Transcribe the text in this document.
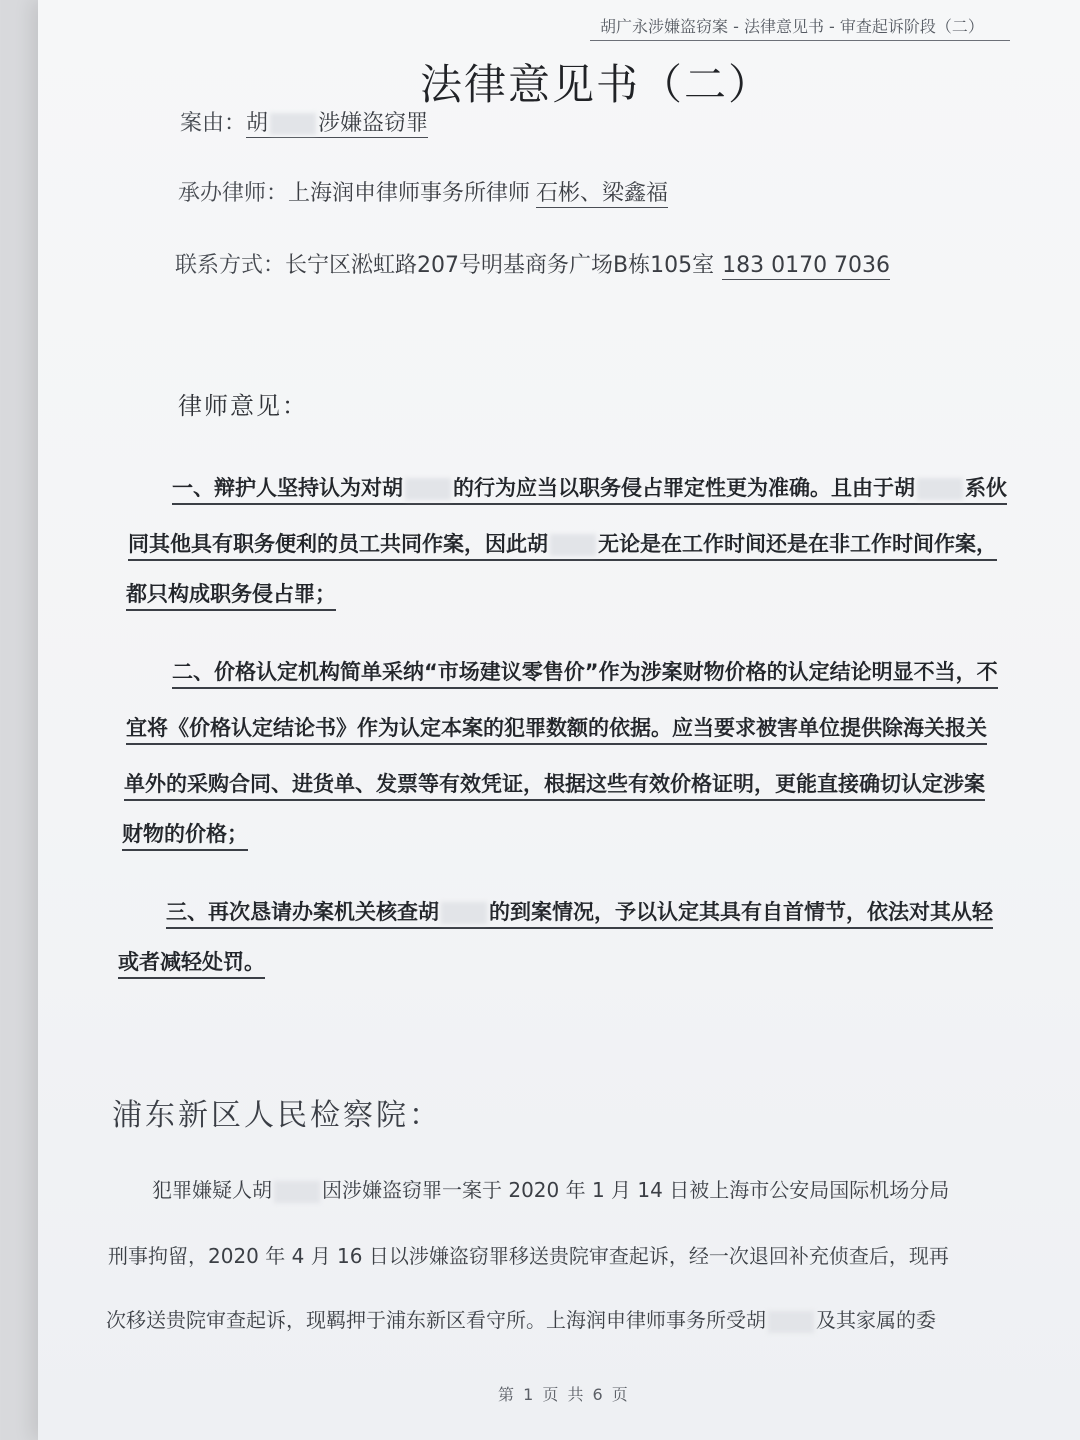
胡广永涉嫌盗窃案 - 法律意见书 - 审查起诉阶段（二）
法律意见书（二）
案由：胡 涉嫌盗窃罪
承办律师：上海润申律师事务所律师 石彬、梁鑫福
联系方式：长宁区淞虹路207号明基商务广场B栋105室 183 0170 7036
律师意见：
一、辩护人坚持认为对胡 的行为应当以职务侵占罪定性更为准确。且由于胡 系伙
同其他具有职务便利的员工共同作案，因此胡 无论是在工作时间还是在非工作时间作案，
都只构成职务侵占罪；
二、价格认定机构简单采纳“市场建议零售价”作为涉案财物价格的认定结论明显不当，不
宜将《价格认定结论书》作为认定本案的犯罪数额的依据。应当要求被害单位提供除海关报关
单外的采购合同、进货单、发票等有效凭证，根据这些有效价格证明，更能直接确切认定涉案
财物的价格；
三、再次恳请办案机关核查胡 的到案情况，予以认定其具有自首情节，依法对其从轻
或者减轻处罚。
浦东新区人民检察院：
犯罪嫌疑人胡	因涉嫌盗窃罪一案于 2020 年 1 月 14 日被上海市公安局国际机场分局
刑事拘留，2020 年 4 月 16 日以涉嫌盗窃罪移送贵院审查起诉，经一次退回补充侦查后，现再
次移送贵院审查起诉，现羁押于浦东新区看守所。上海润申律师事务所受胡	及其家属的委
第 1 页 共 6 页
